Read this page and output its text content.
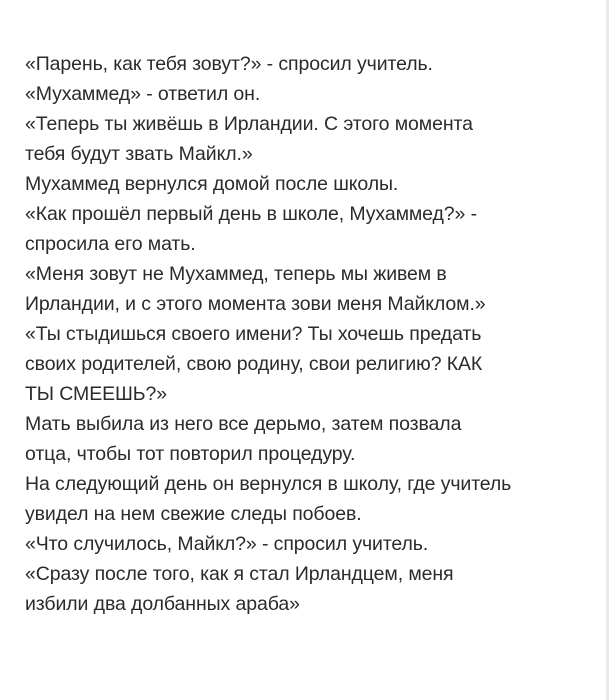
«Парень, как тебя зовут?» - спросил учитель.
«Мухаммед» - ответил он.
«Теперь ты живёшь в Ирландии. С этого момента
тебя будут звать Майкл.»
Мухаммед вернулся домой после школы.
«Как прошёл первый день в школе, Мухаммед?» -
спросила его мать.
«Меня зовут не Мухаммед, теперь мы живем в
Ирландии, и с этого момента зови меня Майклом.»
«Ты стыдишься своего имени? Ты хочешь предать
своих родителей, свою родину, свои религию? КАК
ТЫ СМЕЕШЬ?»
Мать выбила из него все дерьмо, затем позвала
отца, чтобы тот повторил процедуру.
На следующий день он вернулся в школу, где учитель
увидел на нем свежие следы побоев.
«Что случилось, Майкл?» - спросил учитель.
«Сразу после того, как я стал Ирландцем, меня
избили два долбанных араба»
